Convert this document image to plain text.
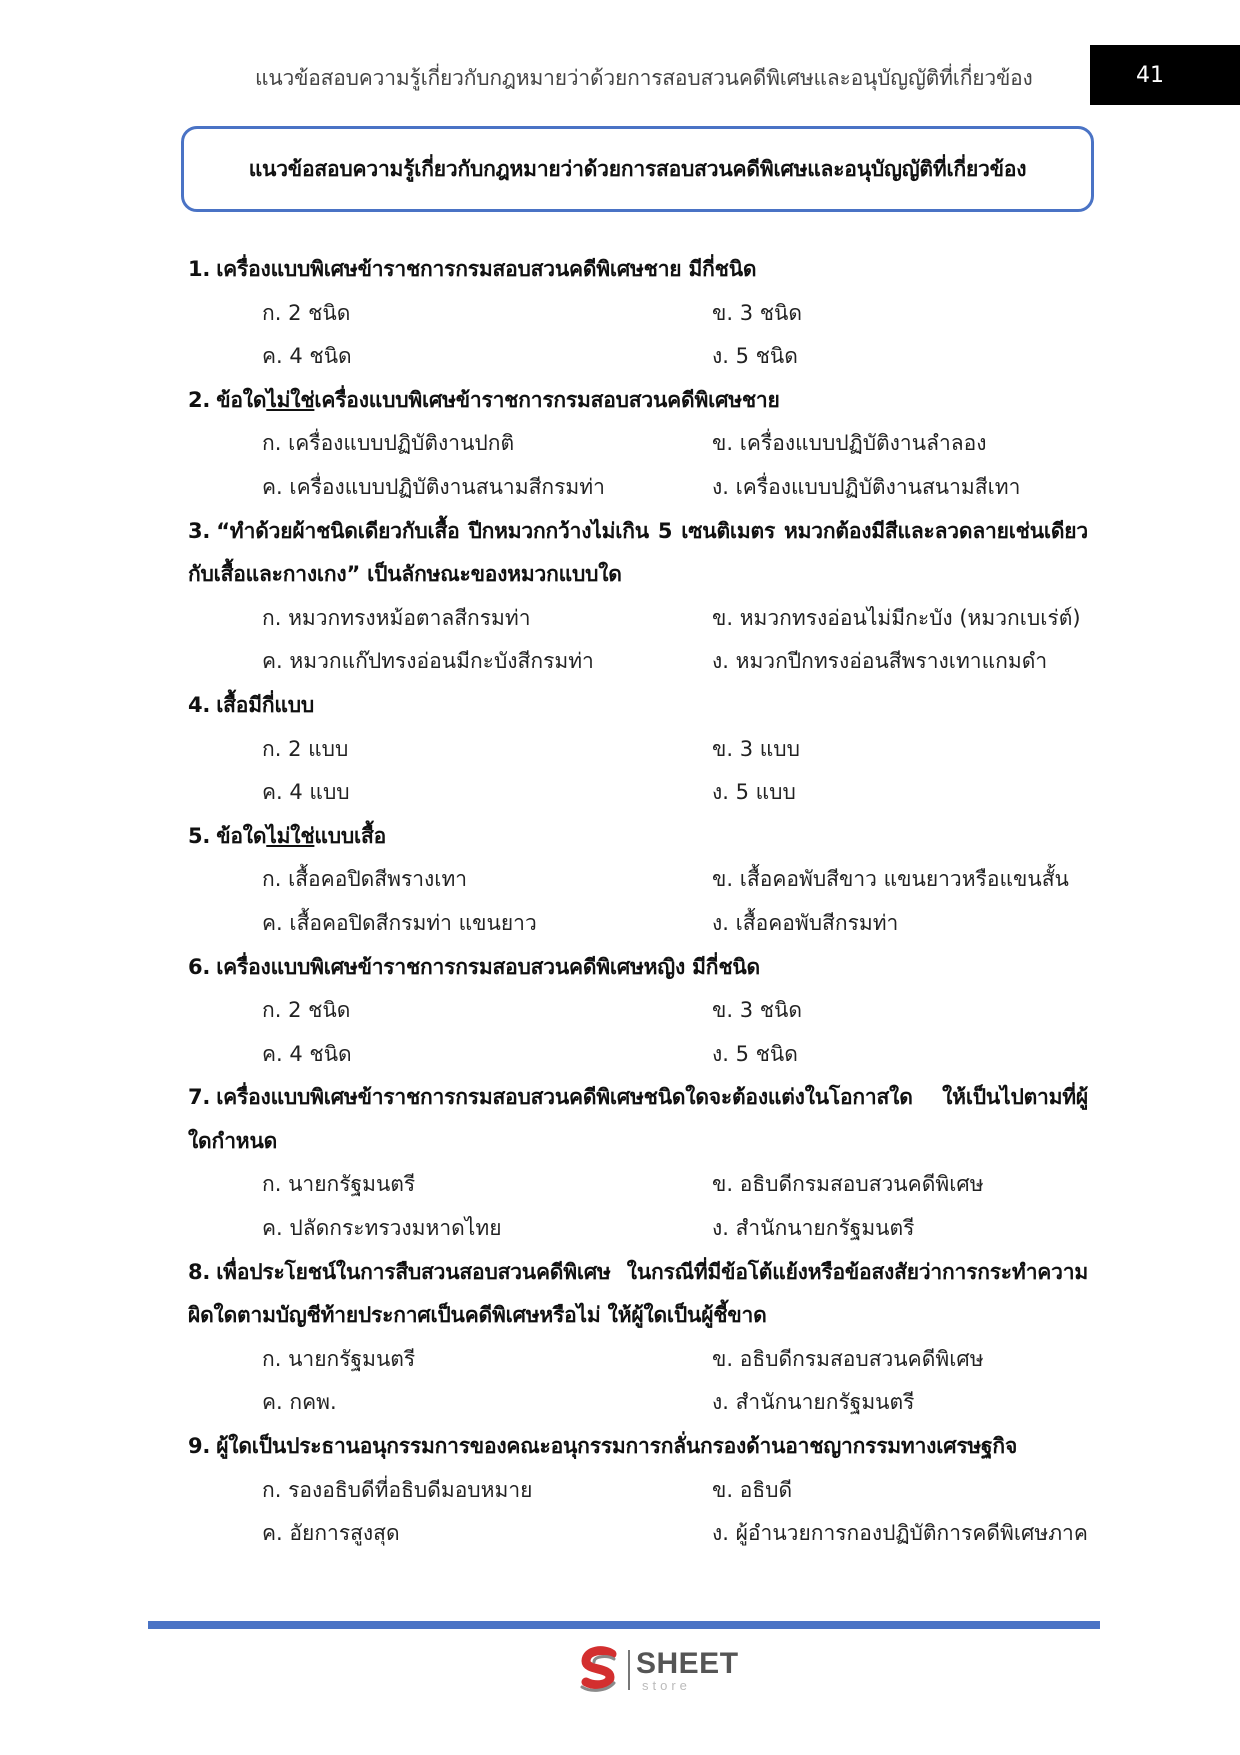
แนวข้อสอบความรู้เกี่ยวกับกฎหมายว่าด้วยการสอบสวนคดีพิเศษและอนุบัญญัติที่เกี่ยวข้อง	41
แนวข้อสอบความรู้เกี่ยวกับกฎหมายว่าด้วยการสอบสวนคดีพิเศษและอนุบัญญัติที่เกี่ยวข้อง
1. เครื่องแบบพิเศษข้าราชการกรมสอบสวนคดีพิเศษชาย มีกี่ชนิด
ก. 2 ชนิด	ข. 3 ชนิด
ค. 4 ชนิด	ง. 5 ชนิด
2. ข้อใดไม่ใช่เครื่องแบบพิเศษข้าราชการกรมสอบสวนคดีพิเศษชาย
ก. เครื่องแบบปฏิบัติงานปกติ	ข. เครื่องแบบปฏิบัติงานลำลอง
ค. เครื่องแบบปฏิบัติงานสนามสีกรมท่า	ง. เครื่องแบบปฏิบัติงานสนามสีเทา
3. “ทำด้วยผ้าชนิดเดียวกับเสื้อ ปีกหมวกกว้างไม่เกิน 5 เซนติเมตร หมวกต้องมีสีและลวดลายเช่นเดียวกับเสื้อและกางเกง” เป็นลักษณะของหมวกแบบใด
ก. หมวกทรงหม้อตาลสีกรมท่า	ข. หมวกทรงอ่อนไม่มีกะบัง (หมวกเบเร่ต์)
ค. หมวกแก๊ปทรงอ่อนมีกะบังสีกรมท่า	ง. หมวกปีกทรงอ่อนสีพรางเทาแกมดำ
4. เสื้อมีกี่แบบ
ก. 2 แบบ	ข. 3 แบบ
ค. 4 แบบ	ง. 5 แบบ
5. ข้อใดไม่ใช่แบบเสื้อ
ก. เสื้อคอปิดสีพรางเทา	ข. เสื้อคอพับสีขาว แขนยาวหรือแขนสั้น
ค. เสื้อคอปิดสีกรมท่า แขนยาว	ง. เสื้อคอพับสีกรมท่า
6. เครื่องแบบพิเศษข้าราชการกรมสอบสวนคดีพิเศษหญิง มีกี่ชนิด
ก. 2 ชนิด	ข. 3 ชนิด
ค. 4 ชนิด	ง. 5 ชนิด
7. เครื่องแบบพิเศษข้าราชการกรมสอบสวนคดีพิเศษชนิดใดจะต้องแต่งในโอกาสใด ให้เป็นไปตามที่ผู้ใดกำหนด
ก. นายกรัฐมนตรี	ข. อธิบดีกรมสอบสวนคดีพิเศษ
ค. ปลัดกระทรวงมหาดไทย	ง. สำนักนายกรัฐมนตรี
8. เพื่อประโยชน์ในการสืบสวนสอบสวนคดีพิเศษ ในกรณีที่มีข้อโต้แย้งหรือข้อสงสัยว่าการกระทำความผิดใดตามบัญชีท้ายประกาศเป็นคดีพิเศษหรือไม่ ให้ผู้ใดเป็นผู้ชี้ขาด
ก. นายกรัฐมนตรี	ข. อธิบดีกรมสอบสวนคดีพิเศษ
ค. กคพ.	ง. สำนักนายกรัฐมนตรี
9. ผู้ใดเป็นประธานอนุกรรมการของคณะอนุกรรมการกลั่นกรองด้านอาชญากรรมทางเศรษฐกิจ
ก. รองอธิบดีที่อธิบดีมอบหมาย	ข. อธิบดี
ค. อัยการสูงสุด	ง. ผู้อำนวยการกองปฏิบัติการคดีพิเศษภาค
SHEET
store
